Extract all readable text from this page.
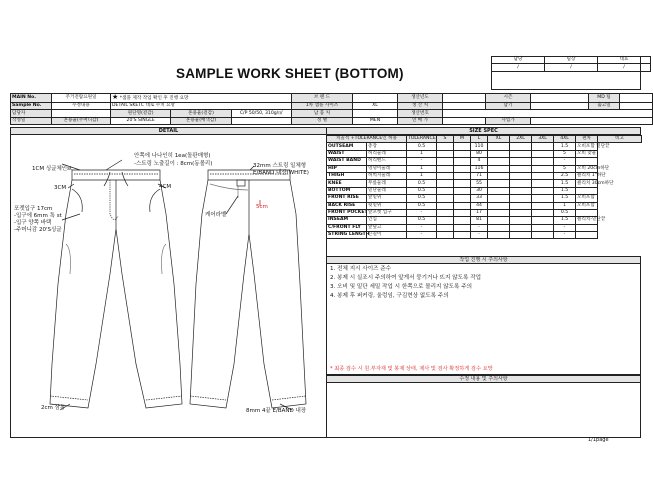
SAMPLE WORK SHEET (BOTTOM)
담당	팀장	대표
/	/	/
MAIN No.	주거전람요원일	★ *샘플 제작 작업 확인 후 진행 요망			브 랜 드		생산년도		시즌		MD 팀	
Sample No.	수정내용	DETAIL SKETC 대로 수치 요망			1차 샘플 사이즈	XL	생 산 처		납기		출고일	
담당자		원단명(겉감)	혼용율(겉감)	C/P 50/50, 310g/㎡	납 품 처		생산번호					
작성일	혼용율(주머니감)	20'S SINGLE	혼용율(배색감)		성 별	MEN	연 매 가		사업가			
DETAIL	SIZE SPEC
1CM 싱글체인st
안쪽에 나나인히 1ea(돌판매형)
-스트링 노출길이 : 8cm(동볼리)
3CM	4CM
포켓입구 17cm
-입구에 6mm 톡 st
-입구 양쪽 바택
-주머니감 20'S싱글
2cm 삼통
32mm 스트링 일체형
E/BAND 내장(WHITE)
케어라벨
5cm
8mm 4끝 E/BAND 내장
치골적 +TOLERANCE인 허용		TOLERANCE	S	M	L	XL	2XL	3XL	4XL	편차	비고
OUTSEAM	총장	0.5			110				1.5	오비포함 밑단끝	
WAIST	허리둘레	1			80				5	오비 맞물	
WAIST BAND	허리밴드	-			4				-		
HIP	엉덩이둘레	1			116				5	오비 20cm하단	
THIGH	허벅지둘레	1			71				2.5	클리치 1"하단	
KNEE	무릎둘레	0.5			55				1.5	클리치 30cm하단	
BOTTOM	밑단둘레	0.5			30				1.5		
FRONT RISE	앞밑위	0.5			33				1.5	오비포함	
BACK RISE	뒷밑위	0.5			44				1	오비포함	
FRONT POCKET	앞포켓 입구	-			17				0.5		
INSEAM	인심	0.5			81				1.5	클리치-밑단끝	
C/FRONT FLY	앞덮고	-			-				-		
STRING LENGTH	끈길이	-			-				-		
작업 진행 시 주의사항
1. 전체 지시 사이즈 준수
2. 봉제 시 실조시 주의하여 앞게서 뭉기거나 뜨지 않도록 작업
3. 오비 및 밑단 세밀 작업 시 한쪽으로 몰리지 않도록 주의
4. 봉제 후 퍼커링, 울렁임, 구김현상 없도록 주의
* 최종 검수 시 원.부자재 및 봉제 상태, 제사 및 검사 확정하게 검수 요망
수정 내용 및 주의사항
1/1page
